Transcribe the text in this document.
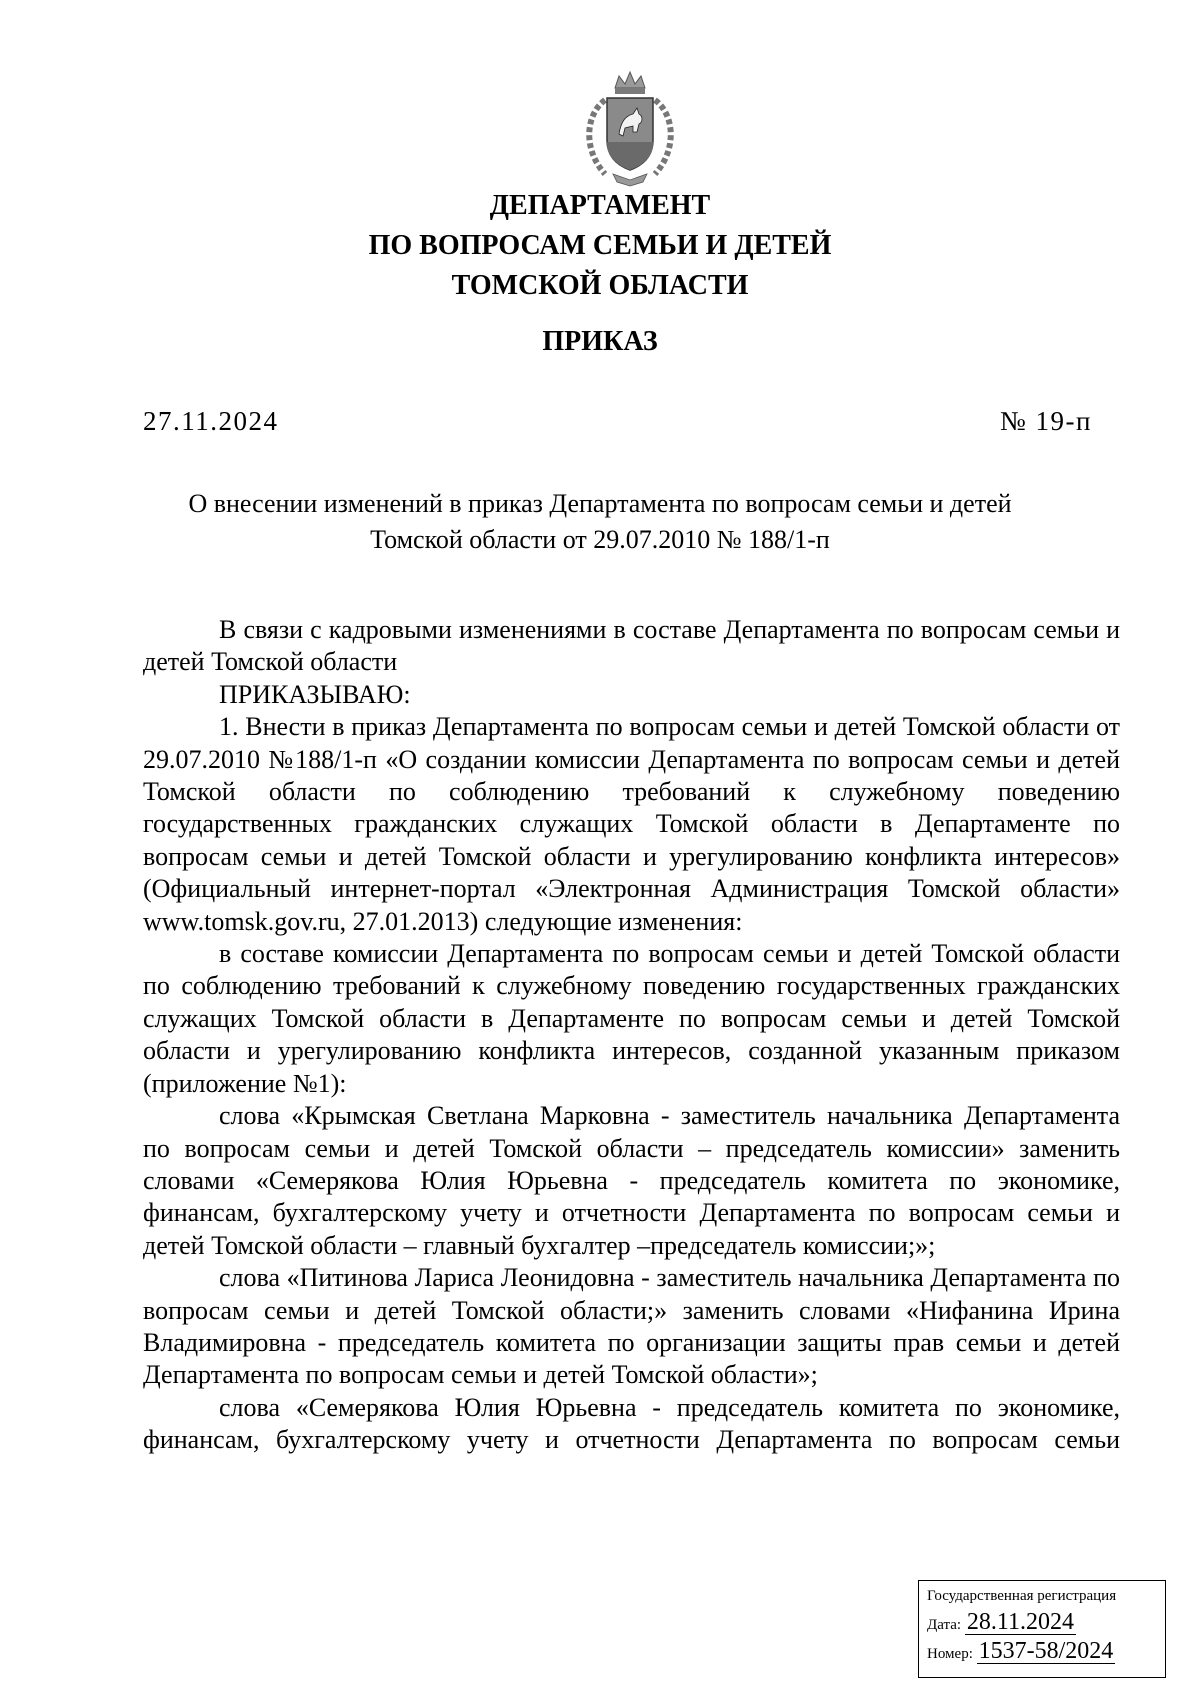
ДЕПАРТАМЕНТ
ПО ВОПРОСАМ СЕМЬИ И ДЕТЕЙ
ТОМСКОЙ ОБЛАСТИ
ПРИКАЗ
27.11.2024	№ 19-п
О внесении изменений в приказ Департамента по вопросам семьи и детей
Томской области от 29.07.2010 № 188/1-п

В связи с кадровыми изменениями в составе Департамента по вопросам семьи и детей Томской области

ПРИКАЗЫВАЮ:

1. Внести в приказ Департамента по вопросам семьи и детей Томской области от 29.07.2010 №188/1-п «О создании комиссии Департамента по вопросам семьи и детей Томской области по соблюдению требований к служебному поведению государственных гражданских служащих Томской области в Департаменте по вопросам семьи и детей Томской области и урегулированию конфликта интересов» (Официальный интернет-портал «Электронная Администрация Томской области» www.tomsk.gov.ru, 27.01.2013) следующие изменения:

в составе комиссии Департамента по вопросам семьи и детей Томской области по соблюдению требований к служебному поведению государственных гражданских служащих Томской области в Департаменте по вопросам семьи и детей Томской области и урегулированию конфликта интересов, созданной указанным приказом (приложение №1):

слова «Крымская Светлана Марковна - заместитель начальника Департамента по вопросам семьи и детей Томской области – председатель комиссии» заменить словами «Семерякова Юлия Юрьевна - председатель комитета по экономике, финансам, бухгалтерскому учету и отчетности Департамента по вопросам семьи и детей Томской области – главный бухгалтер –председатель комиссии;»;

слова «Питинова Лариса Леонидовна - заместитель начальника Департамента по вопросам семьи и детей Томской области;» заменить словами «Нифанина Ирина Владимировна - председатель комитета по организации защиты прав семьи и детей Департамента по вопросам семьи и детей Томской области»;

слова «Семерякова Юлия Юрьевна - председатель комитета по экономике, финансам, бухгалтерскому учету и отчетности Департамента по вопросам семьи

Государственная регистрация
Дата: 28.11.2024
Номер: 1537-58/2024
